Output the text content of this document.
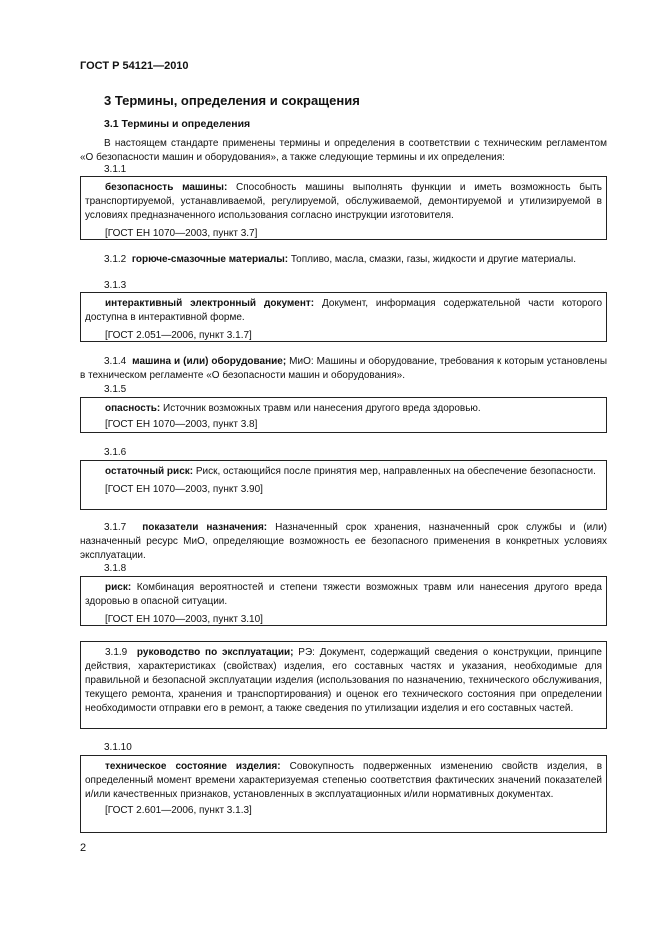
ГОСТ Р 54121—2010
3 Термины, определения и сокращения
3.1 Термины и определения
В настоящем стандарте применены термины и определения в соответствии с техническим регламентом «О безопасности машин и оборудования», а также следующие термины и их определения:
3.1.1

безопасность машины: Способность машины выполнять функции и иметь возможность быть транспортируемой, устанавливаемой, регулируемой, обслуживаемой, демонтируемой и утилизируемой в условиях предназначенного использования согласно инструкции изготовителя.

[ГОСТ ЕН 1070—2003, пункт 3.7]

3.1.2 горюче-смазочные материалы: Топливо, масла, смазки, газы, жидкости и другие материалы.
3.1.3

интерактивный электронный документ: Документ, информация содержательной части которого доступна в интерактивной форме.

[ГОСТ 2.051—2006, пункт 3.1.7]

3.1.4 машина и (или) оборудование; МиО: Машины и оборудование, требования к которым установлены в техническом регламенте «О безопасности машин и оборудования».
3.1.5

опасность: Источник возможных травм или нанесения другого вреда здоровью.

[ГОСТ ЕН 1070—2003, пункт 3.8]

3.1.6

остаточный риск: Риск, остающийся после принятия мер, направленных на обеспечение безопасности.

[ГОСТ ЕН 1070—2003, пункт 3.90]

3.1.7 показатели назначения: Назначенный срок хранения, назначенный срок службы и (или) назначенный ресурс МиО, определяющие возможность ее безопасного применения в конкретных условиях эксплуатации.
3.1.8

риск: Комбинация вероятностей и степени тяжести возможных травм или нанесения другого вреда здоровью в опасной ситуации.

[ГОСТ ЕН 1070—2003, пункт 3.10]

3.1.9 руководство по эксплуатации; РЭ: Документ, содержащий сведения о конструкции, принципе действия, характеристиках (свойствах) изделия, его составных частях и указания, необходимые для правильной и безопасной эксплуатации изделия (использования по назначению, технического обслуживания, текущего ремонта, хранения и транспортирования) и оценок его технического состояния при определении необходимости отправки его в ремонт, а также сведения по утилизации изделия и его составных частей.

3.1.10

техническое состояние изделия: Совокупность подверженных изменению свойств изделия, в определенный момент времени характеризуемая степенью соответствия фактических значений показателей и/или качественных признаков, установленных в эксплуатационных и/или нормативных документах.

[ГОСТ 2.601—2006, пункт 3.1.3]

2
